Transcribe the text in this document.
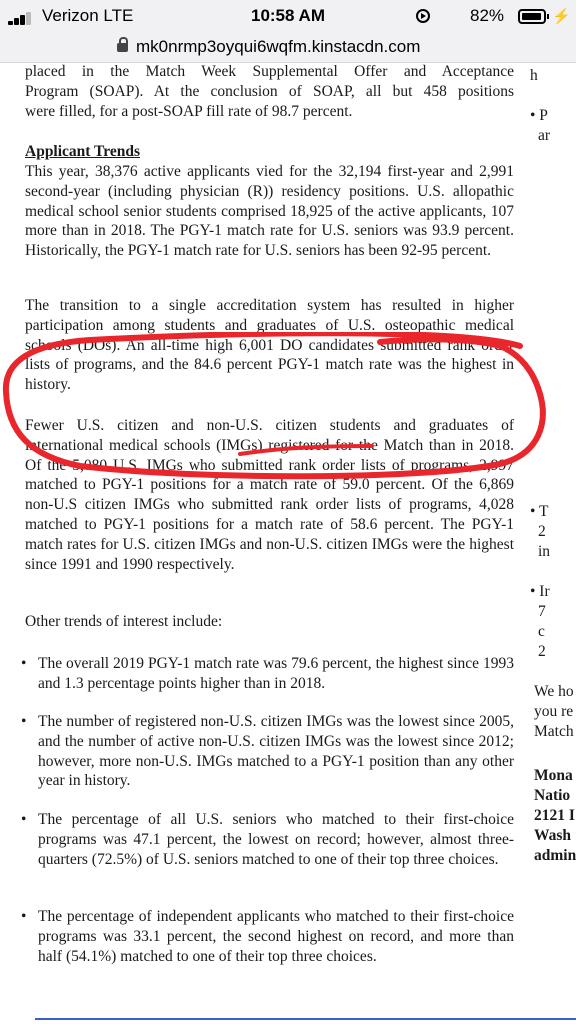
Verizon LTE	10:58 AM	82%	⚡
mk0nrmp3oyqui6wqfm.kinstacdn.com
placed in the Match Week Supplemental Offer and Acceptance
Program (SOAP). At the conclusion of SOAP, all but 458 positions
were filled, for a post-SOAP fill rate of 98.7 percent.
Applicant Trends
This year, 38,376 active applicants vied for the 32,194 first-year and 2,991 second-year (including physician (R)) residency positions. U.S. allopathic medical school senior students comprised 18,925 of the active applicants, 107 more than in 2018. The PGY-1 match rate for U.S. seniors was 93.9 percent. Historically, the PGY-1 match rate for U.S. seniors has been 92-95 percent.
The transition to a single accreditation system has resulted in higher participation among students and graduates of U.S. osteopathic medical schools (DOs). An all-time high 6,001 DO candidates submitted rank order lists of programs, and the 84.6 percent PGY-1 match rate was the highest in history.
Fewer U.S. citizen and non-U.S. citizen students and graduates of international medical schools (IMGs) registered for the Match than in 2018. Of the 5,080 U.S. IMGs who submitted rank order lists of programs, 2,997 matched to PGY-1 positions for a match rate of 59.0 percent. Of the 6,869 non-U.S citizen IMGs who submitted rank order lists of programs, 4,028 matched to PGY-1 positions for a match rate of 58.6 percent. The PGY-1 match rates for U.S. citizen IMGs and non-U.S. citizen IMGs were the highest since 1991 and 1990 respectively.
Other trends of interest include:
• The overall 2019 PGY-1 match rate was 79.6 percent, the highest since 1993 and 1.3 percentage points higher than in 2018.
• The number of registered non-U.S. citizen IMGs was the lowest since 2005, and the number of active non-U.S. citizen IMGs was the lowest since 2012; however, more non-U.S. IMGs matched to a PGY-1 position than any other year in history.
• The percentage of all U.S. seniors who matched to their first-choice programs was 47.1 percent, the lowest on record; however, almost three-quarters (72.5%) of U.S. seniors matched to one of their top three choices.
• The percentage of independent applicants who matched to their first-choice programs was 33.1 percent, the second highest on record, and more than half (54.1%) matched to one of their top three choices.
h
• P
ar
• T
2
in
• Ir
7
c
2
We ho
you re
Match
Mona
Natio
2121 I
Wash
admin
